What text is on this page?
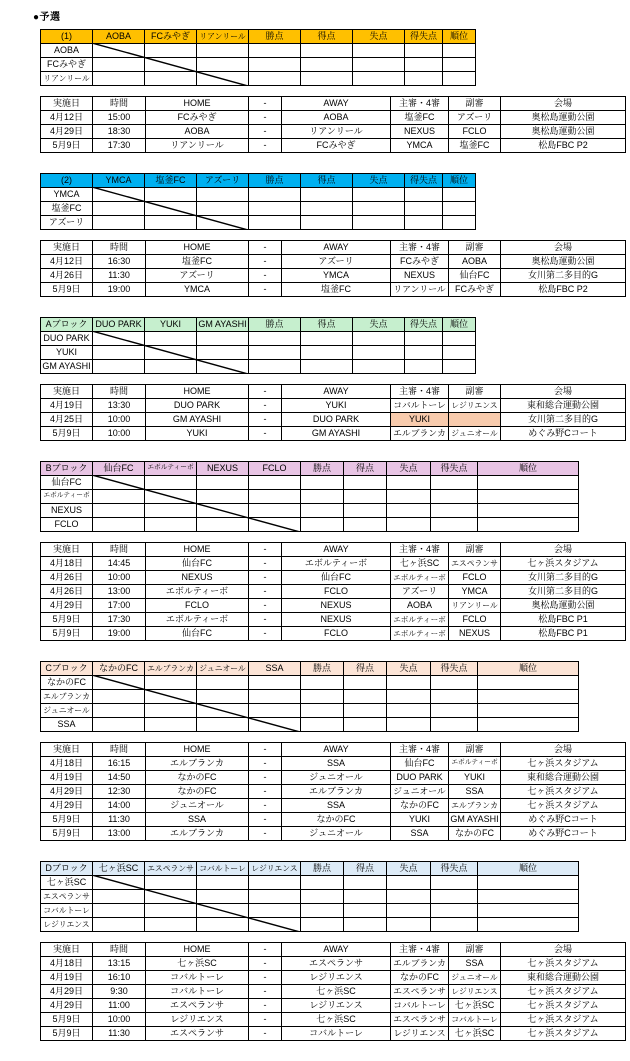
●予選
(1)	AOBA	FCみやぎ	リアンリール	勝点	得点	失点	得失点	順位
AOBA								
FCみやぎ								
リアンリール								
実施日	時間	HOME	-	AWAY	主審・4審	副審	会場
4月12日	15:00	FCみやぎ	-	AOBA	塩釜FC	アズーリ	奥松島運動公園
4月29日	18:30	AOBA	-	リアンリール	NEXUS	FCLO	奥松島運動公園
5月9日	17:30	リアンリール	-	FCみやぎ	YMCA	塩釜FC	松島FBC P2
(2)	YMCA	塩釜FC	アズーリ	勝点	得点	失点	得失点	順位
YMCA								
塩釜FC								
アズーリ								
実施日	時間	HOME	-	AWAY	主審・4審	副審	会場
4月12日	16:30	塩釜FC	-	アズーリ	FCみやぎ	AOBA	奥松島運動公園
4月26日	11:30	アズーリ	-	YMCA	NEXUS	仙台FC	女川第二多目的G
5月9日	19:00	YMCA	-	塩釜FC	リアンリール	FCみやぎ	松島FBC P2
Aブロック	DUO PARK	YUKI	GM AYASHI	勝点	得点	失点	得失点	順位
DUO PARK								
YUKI								
GM AYASHI								
実施日	時間	HOME	-	AWAY	主審・4審	副審	会場
4月19日	13:30	DUO PARK	-	YUKI	コバルトーレ	レジリエンス	東和総合運動公園
4月25日	10:00	GM AYASHI	-	DUO PARK	YUKI		女川第二多目的G
5月9日	10:00	YUKI	-	GM AYASHI	エルブランカ	ジュニオール	めぐみ野Cコート
Bブロック	仙台FC	エボルティーボ	NEXUS	FCLO	勝点	得点	失点	得失点	順位
仙台FC									
エボルティーボ									
NEXUS									
FCLO									
実施日	時間	HOME	-	AWAY	主審・4審	副審	会場
4月18日	14:45	仙台FC	-	エボルティーボ	七ヶ浜SC	エスペランサ	七ヶ浜スタジアム
4月26日	10:00	NEXUS	-	仙台FC	エボルティーボ	FCLO	女川第二多目的G
4月26日	13:00	エボルティーボ	-	FCLO	アズーリ	YMCA	女川第二多目的G
4月29日	17:00	FCLO	-	NEXUS	AOBA	リアンリール	奥松島運動公園
5月9日	17:30	エボルティーボ	-	NEXUS	エボルティーボ	FCLO	松島FBC P1
5月9日	19:00	仙台FC	-	FCLO	エボルティーボ	NEXUS	松島FBC P1
Cブロック	なかのFC	エルブランカ	ジュニオール	SSA	勝点	得点	失点	得失点	順位
なかのFC									
エルブランカ									
ジュニオール									
SSA									
実施日	時間	HOME	-	AWAY	主審・4審	副審	会場
4月18日	16:15	エルブランカ	-	SSA	仙台FC	エボルティーボ	七ヶ浜スタジアム
4月19日	14:50	なかのFC	-	ジュニオール	DUO PARK	YUKI	東和総合運動公園
4月29日	12:30	なかのFC	-	エルブランカ	ジュニオール	SSA	七ヶ浜スタジアム
4月29日	14:00	ジュニオール	-	SSA	なかのFC	エルブランカ	七ヶ浜スタジアム
5月9日	11:30	SSA	-	なかのFC	YUKI	GM AYASHI	めぐみ野Cコート
5月9日	13:00	エルブランカ	-	ジュニオール	SSA	なかのFC	めぐみ野Cコート
Dブロック	七ヶ浜SC	エスペランサ	コバルトーレ	レジリエンス	勝点	得点	失点	得失点	順位
七ヶ浜SC									
エスペランサ									
コバルトーレ									
レジリエンス									
実施日	時間	HOME	-	AWAY	主審・4審	副審	会場
4月18日	13:15	七ヶ浜SC	-	エスペランサ	エルブランカ	SSA	七ヶ浜スタジアム
4月19日	16:10	コバルトーレ	-	レジリエンス	なかのFC	ジュニオール	東和総合運動公園
4月29日	9:30	コバルトーレ	-	七ヶ浜SC	エスペランサ	レジリエンス	七ヶ浜スタジアム
4月29日	11:00	エスペランサ	-	レジリエンス	コバルトーレ	七ヶ浜SC	七ヶ浜スタジアム
5月9日	10:00	レジリエンス	-	七ヶ浜SC	エスペランサ	コバルトーレ	七ヶ浜スタジアム
5月9日	11:30	エスペランサ	-	コバルトーレ	レジリエンス	七ヶ浜SC	七ヶ浜スタジアム
